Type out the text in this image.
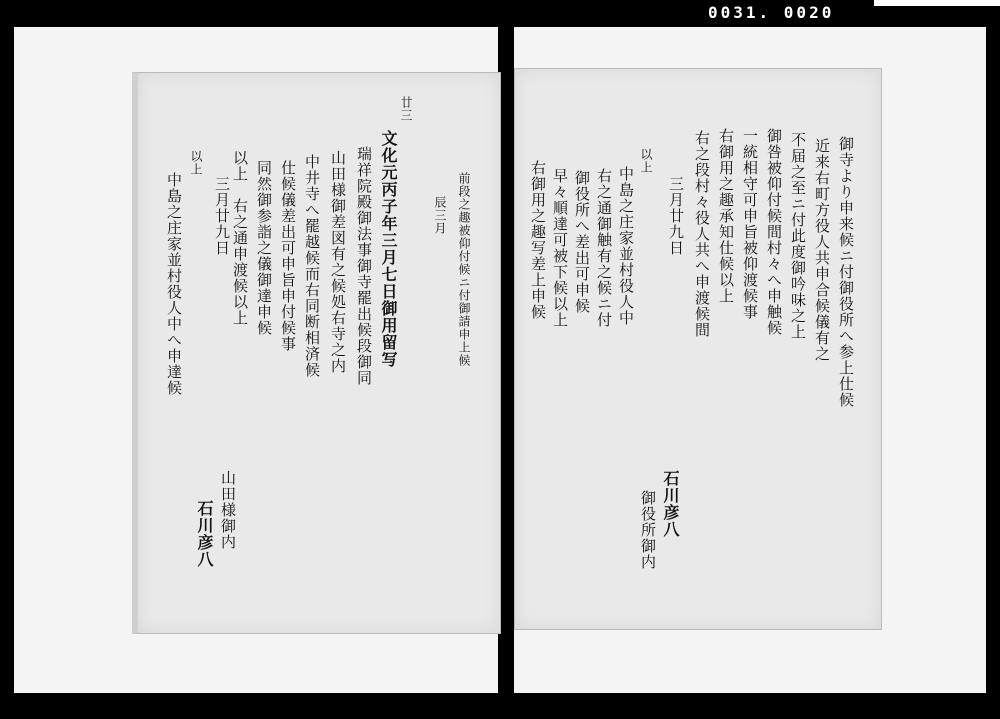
0031. 0020
廿三
文化元丙子年三月七日御用留写
瑞祥院殿御法事御寺罷出候段御同
山田様御差図有之候処右寺之内
中井寺へ罷越候而右同断相済候
仕候儀差出可申旨申付候事
同然御参詣之儀御達申候
以上　右之通申渡候以上
三月廿九日
山田様御内
石川彦八
以上
中島之庄家並村役人中へ申達候	前段之趣被仰付候ニ付御請申上候
辰三月	御寺より申来候ニ付御役所へ参上仕候
近来右町方役人共申合候儀有之
不届之至ニ付此度御吟味之上
御咎被仰付候間村々へ申触候
一統相守可申旨被仰渡候事
右御用之趣承知仕候以上
右之段村々役人共へ申渡候間
三月廿九日
以上
中島之庄家並村役人中
右之通御触有之候ニ付
御役所へ差出可申候
早々順達可被下候以上
右御用之趣写差上申候
石川彦八
御役所御内
